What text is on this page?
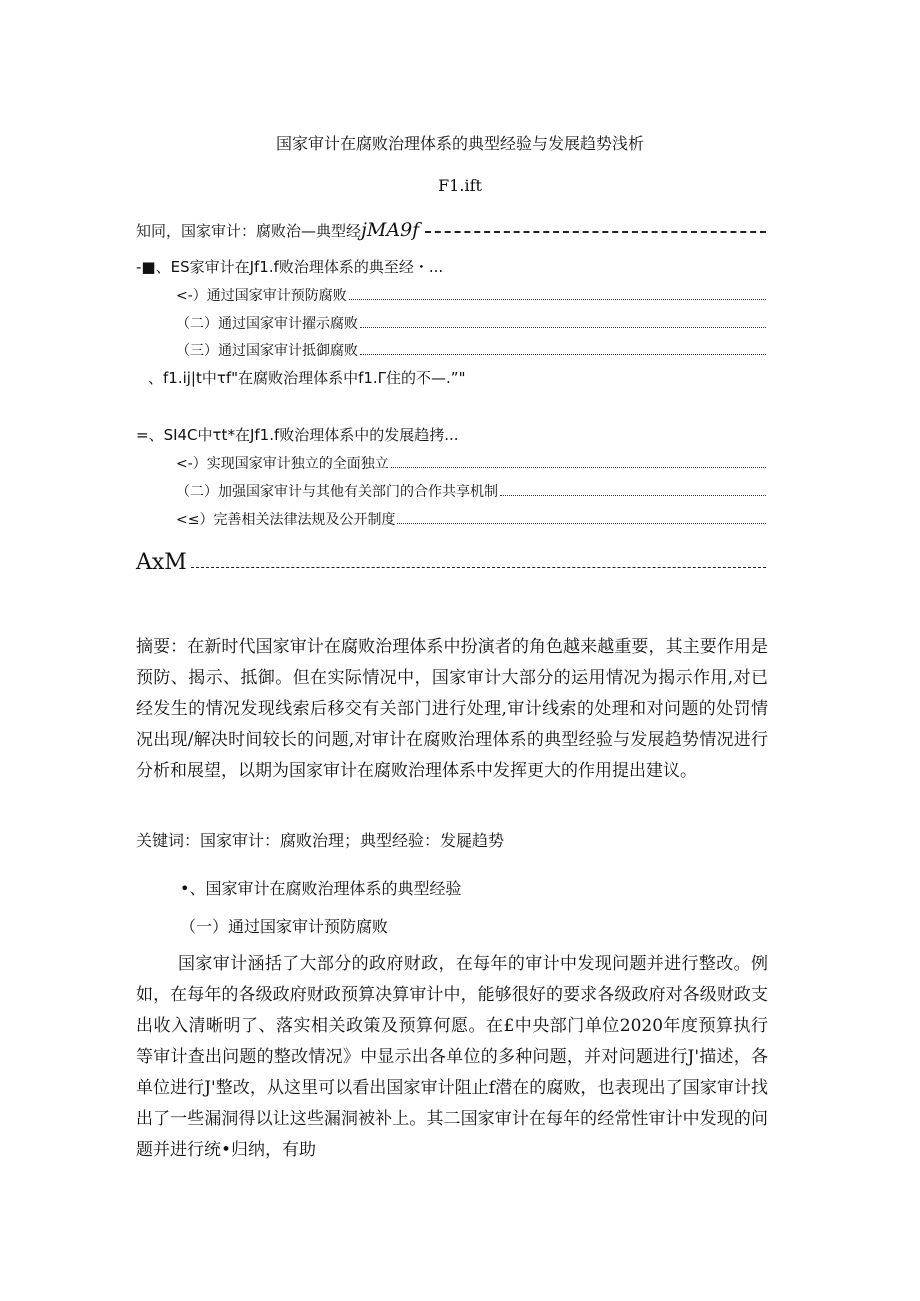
国家审计在腐败治理体系的典型经验与发展趋势浅析
F1.ift
知同，国家审计：腐败治—典型经 jMA9f
-■、ES家审计在Jf1.f败治理体系的典至经・...
<-）通过国家审计预防腐败
（二）通过国家审计擢示腐败
（三）通过国家审计抵御腐败
、f1.ij|t中τf"在腐败治理体系中f1.Γ住的不—.”"
=、SI4C中τt*在Jf1.f败治理体系中的发展趋拷...
<-）实现国家审计独立的全面独立
（二）加强国家审计与其他有关部门的合作共享机制
<≤）完善相关法律法规及公开制度
AxM
摘要：在新时代国家审计在腐败治理体系中扮演者的角色越来越重要，其主要作用是预防、揭示、抵御。但在实际情况中，国家审计大部分的运用情况为揭示作用,对已经发生的情况发现线索后移交有关部门进行处理,审计线索的处理和对问题的处罚情况出现/解决时间较长的问题,对审计在腐败治理体系的典型经验与发展趋势情况进行分析和展望，以期为国家审计在腐败治理体系中发挥更大的作用提出建议。
关键词：国家审计：腐败治理；典型经验：发屣趋势
•、国家审计在腐败治理体系的典型经验
（一）通过国家审计预防腐败
国家审计涵括了大部分的政府财政，在每年的审计中发现问题并进行整改。例如，在每年的各级政府财政预算决算审计中，能够很好的要求各级政府对各级财政支出收入清晰明了、落实相关政策及预算何愿。在£中央部门单位2020年度预算执行等审计查出问题的整改情况》中显示出各单位的多种问题，并对问题进行J'描述，各单位进行J'整改，从这里可以看出国家审计阻止f潜在的腐败，也表现出了国家审计找出了一些漏洞得以让这些漏洞被补上。其二国家审计在每年的经常性审计中发现的问题并进行统•归纳，有助
